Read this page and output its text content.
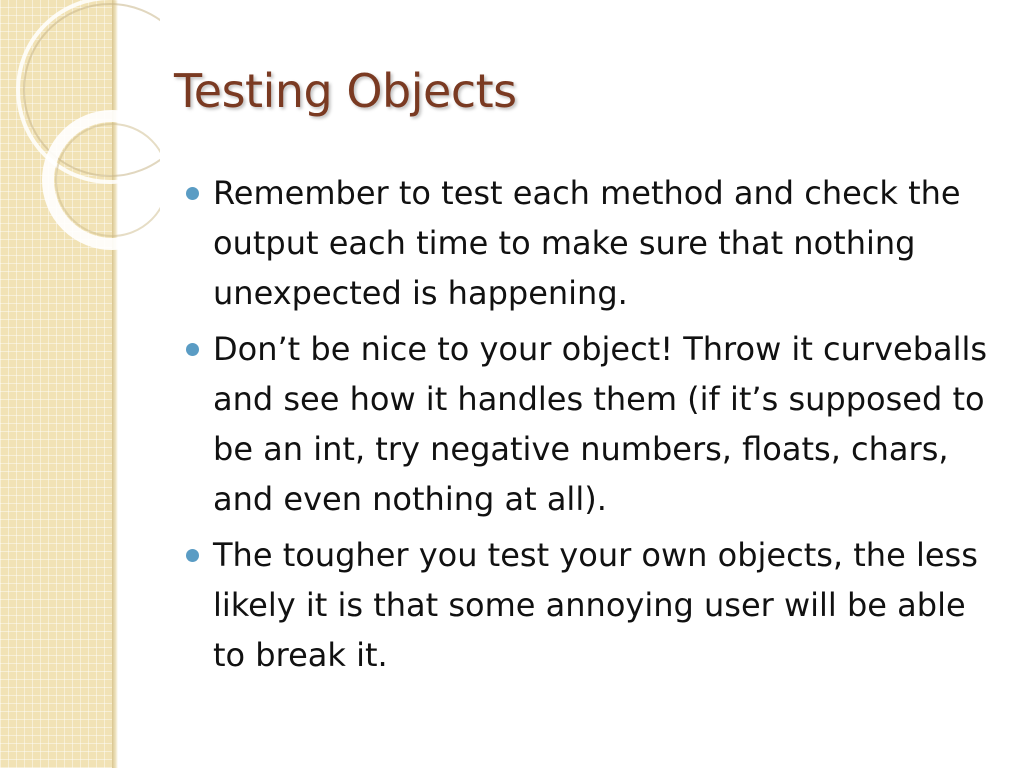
Testing Objects
Remember to test each method and check the output each time to make sure that nothing unexpected is happening.
Don’t be nice to your object! Throw it curveballs and see how it handles them (if it’s supposed to be an int, try negative numbers, floats, chars, and even nothing at all).
The tougher you test your own objects, the less likely it is that some annoying user will be able to break it.
